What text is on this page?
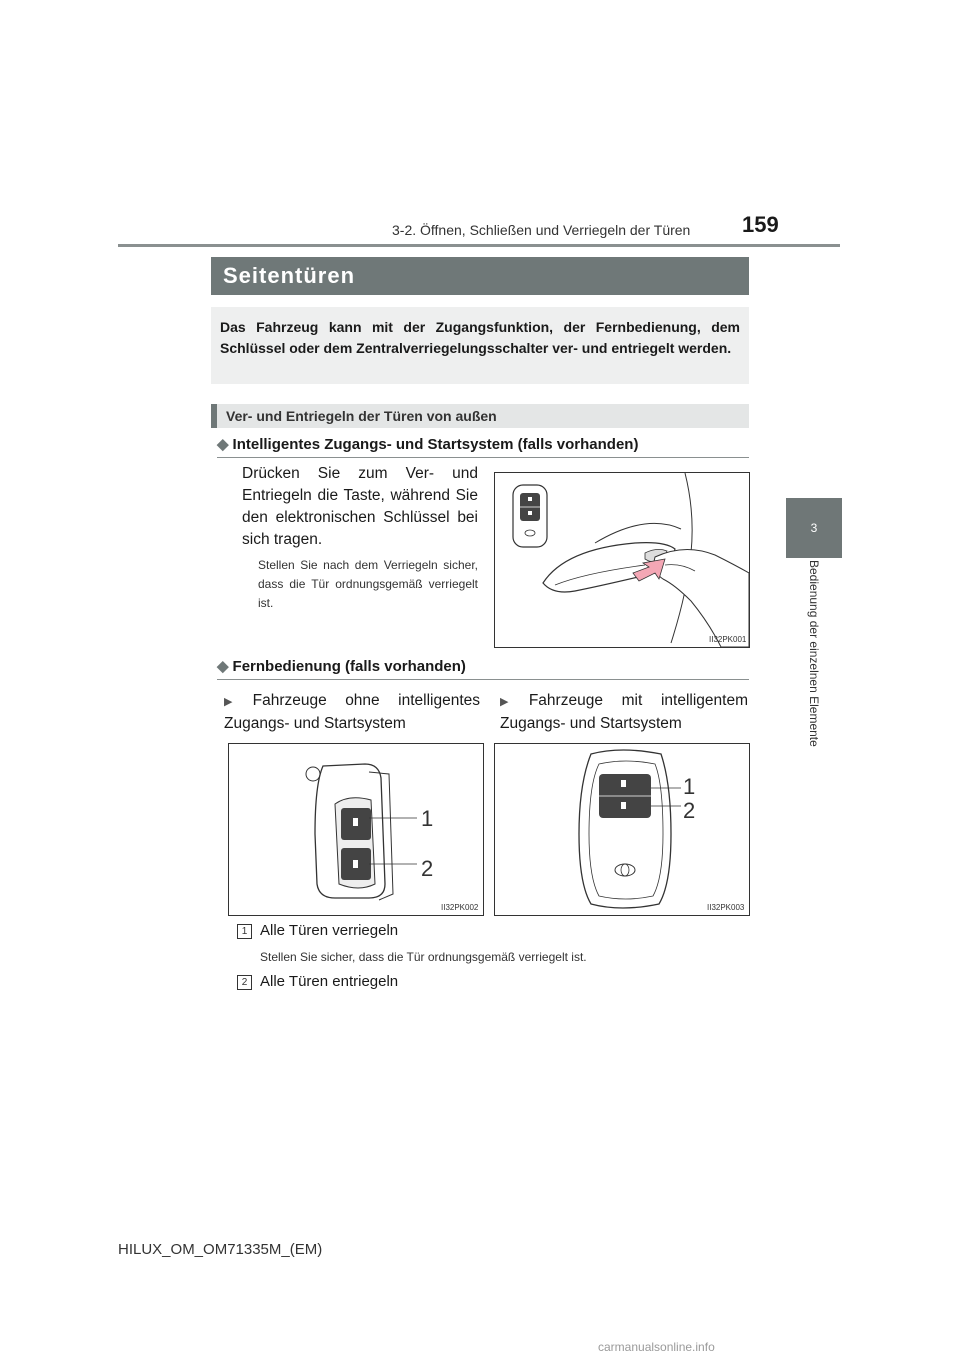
3-2. Öffnen, Schließen und Verriegeln der Türen 159
3
Bedienung der einzelnen Elemente
Seitentüren

Das Fahrzeug kann mit der Zugangsfunktion, der Fernbedienung, dem Schlüssel oder dem Zentralverriegelungsschalter ver- und entriegelt werden.

Ver- und Entriegeln der Türen von außen
◆ Intelligentes Zugangs- und Startsystem (falls vorhanden)
Drücken Sie zum Ver- und Entriegeln die Taste, während Sie den elektronischen Schlüssel bei sich tragen.
Stellen Sie nach dem Verriegeln sicher, dass die Tür ordnungsgemäß verriegelt ist.
II32PK001
◆ Fernbedienung (falls vorhanden)
▶ Fahrzeuge ohne intelligentes Zugangs- und Startsystem
▶ Fahrzeuge mit intelligentem Zugangs- und Startsystem
1
2
II32PK002
1
2
II32PK003
1 Alle Türen verriegeln
Stellen Sie sicher, dass die Tür ordnungsgemäß verriegelt ist.
2 Alle Türen entriegeln
HILUX_OM_OM71335M_(EM)
carmanualsonline.info
